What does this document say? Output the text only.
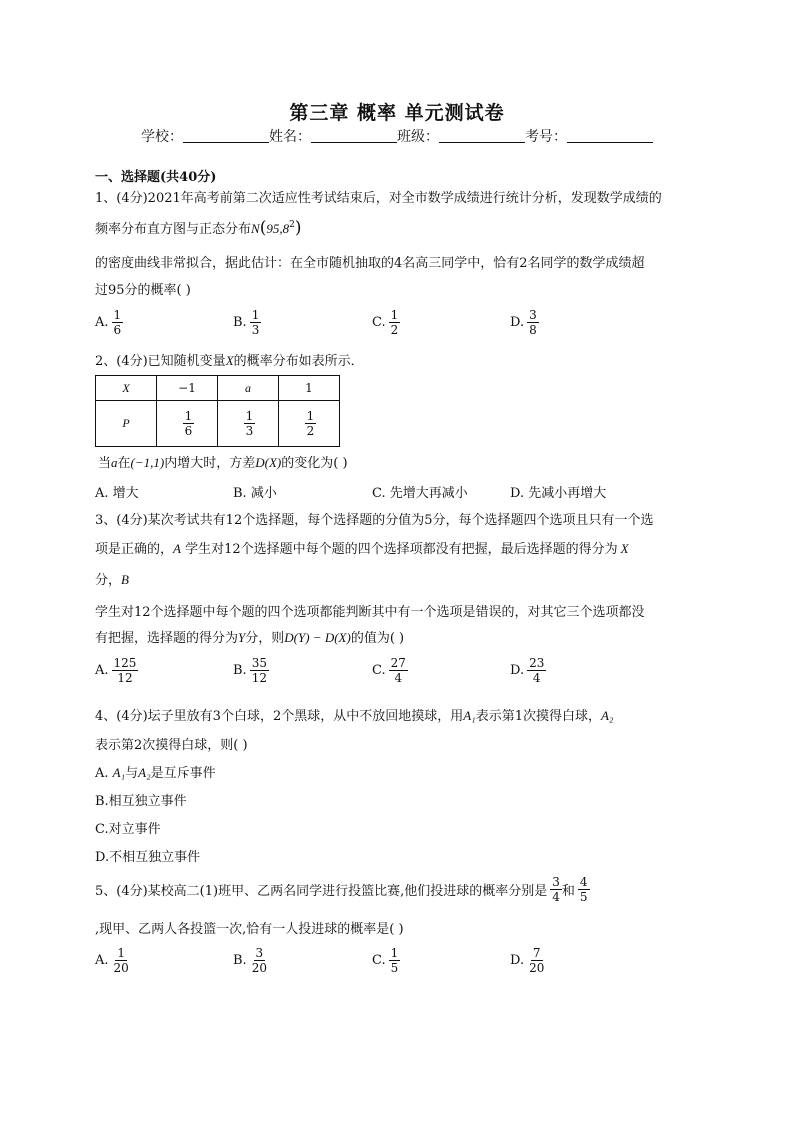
第三章 概率 单元测试卷
学校：	姓名：	班级：	考号：
一、选择题(共40分)
1、(4分)2021年高考前第二次适应性考试结束后，对全市数学成绩进行统计分析，发现数学成绩的
频率分布直方图与正态分布N(95,8$^2$)
的密度曲线非常拟合，据此估计：在全市随机抽取的4名高三同学中，恰有2名同学的数学成绩超
过95分的概率( )
A. $\frac{1}{6}$	B. $\frac{1}{3}$	C. $\frac{1}{2}$	D. $\frac{3}{8}$
2、(4分)已知随机变量X的概率分布如表所示．
X	−1	a	1
P	$\frac{1}{6}$	$\frac{1}{3}$	$\frac{1}{2}$
当a在(−1,1)内增大时，方差D(X)的变化为( )
A. 增大	B. 减小	C. 先增大再减小	D. 先减小再增大
3、(4分)某次考试共有12个选择题，每个选择题的分值为5分，每个选择题四个选项且只有一个选
项是正确的，A 学生对12个选择题中每个题的四个选择项都没有把握，最后选择题的得分为 X
分，B
学生对12个选择题中每个题的四个选项都能判断其中有一个选项是错误的，对其它三个选项都没
有把握，选择题的得分为Y分，则D(Y) − D(X)的值为( )
A. $\frac{125}{12}$	B. $\frac{35}{12}$	C. $\frac{27}{4}$	D. $\frac{23}{4}$
4、(4分)坛子里放有3个白球，2个黑球，从中不放回地摸球，用A₁表示第1次摸得白球，A₂
表示第2次摸得白球，则( )
A. A₁与A₂是互斥事件
B.相互独立事件
C.对立事件
D.不相互独立事件
5、(4分)某校高二(1)班甲、乙两名同学进行投篮比赛,他们投进球的概率分别是 $\frac{3}{4}$ 和 $\frac{4}{5}$
,现甲、乙两人各投篮一次,恰有一人投进球的概率是( )
A. $\frac{1}{20}$	B. $\frac{3}{20}$	C. $\frac{1}{5}$	D. $\frac{7}{20}$
